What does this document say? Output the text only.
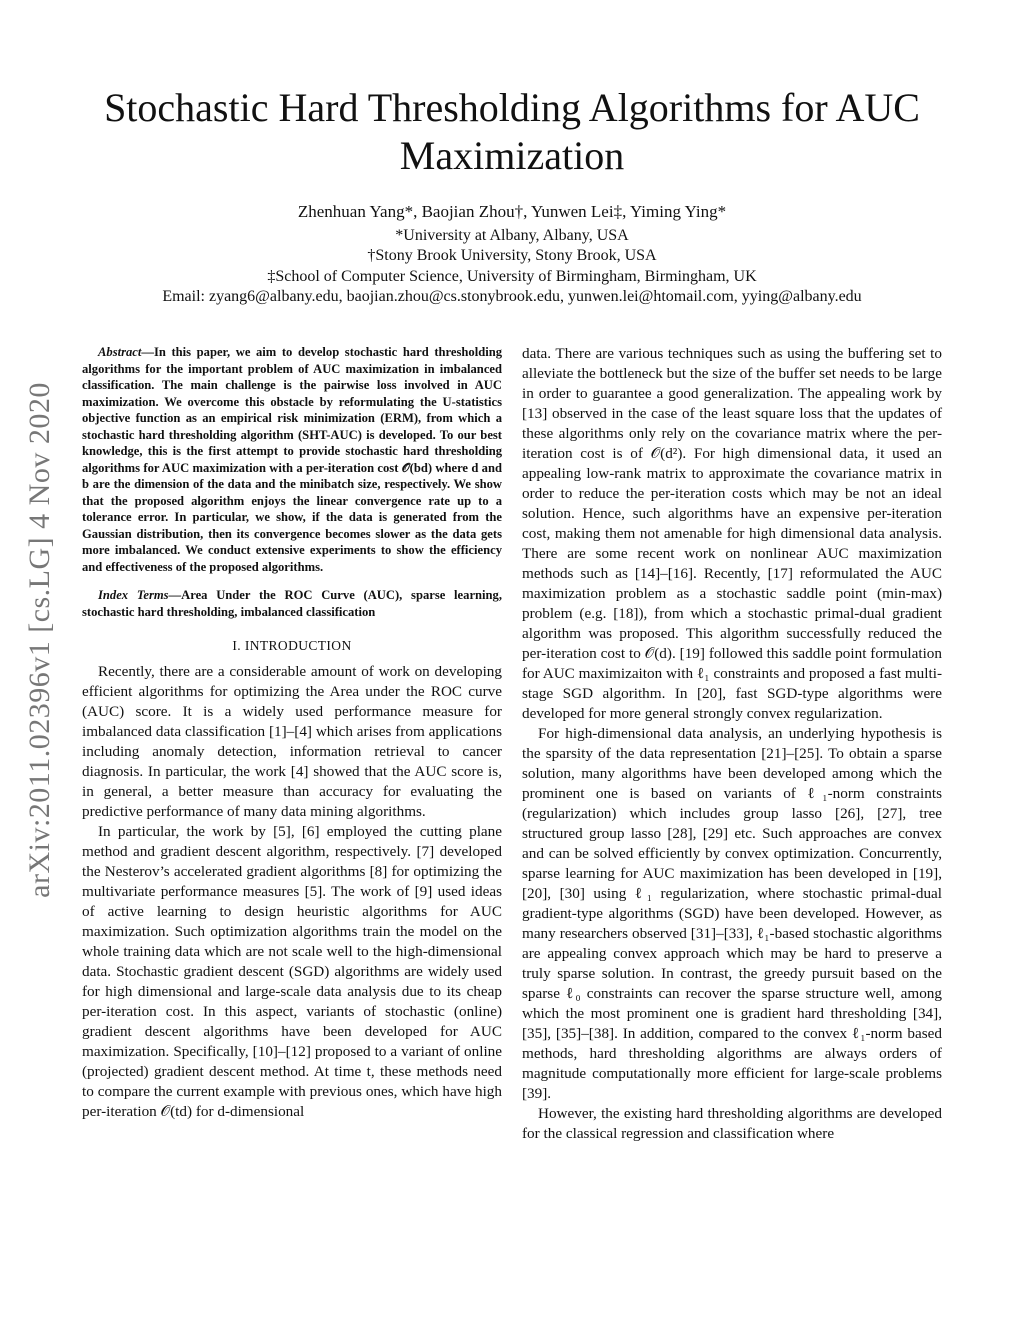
arXiv:2011.02396v1 [cs.LG] 4 Nov 2020
Stochastic Hard Thresholding Algorithms for AUC Maximization
Zhenhuan Yang*, Baojian Zhou†, Yunwen Lei‡, Yiming Ying*
*University at Albany, Albany, USA
†Stony Brook University, Stony Brook, USA
‡School of Computer Science, University of Birmingham, Birmingham, UK
Email: zyang6@albany.edu, baojian.zhou@cs.stonybrook.edu, yunwen.lei@htomail.com, yying@albany.edu

Abstract—In this paper, we aim to develop stochastic hard thresholding algorithms for the important problem of AUC maximization in imbalanced classification. The main challenge is the pairwise loss involved in AUC maximization. We overcome this obstacle by reformulating the U-statistics objective function as an empirical risk minimization (ERM), from which a stochastic hard thresholding algorithm (SHT-AUC) is developed. To our best knowledge, this is the first attempt to provide stochastic hard thresholding algorithms for AUC maximization with a per-iteration cost 𝒪(bd) where d and b are the dimension of the data and the minibatch size, respectively. We show that the proposed algorithm enjoys the linear convergence rate up to a tolerance error. In particular, we show, if the data is generated from the Gaussian distribution, then its convergence becomes slower as the data gets more imbalanced. We conduct extensive experiments to show the efficiency and effectiveness of the proposed algorithms.

Index Terms—Area Under the ROC Curve (AUC), sparse learning, stochastic hard thresholding, imbalanced classification

I. INTRODUCTION

Recently, there are a considerable amount of work on developing efficient algorithms for optimizing the Area under the ROC curve (AUC) score. It is a widely used performance measure for imbalanced data classification [1]–[4] which arises from applications including anomaly detection, information retrieval to cancer diagnosis. In particular, the work [4] showed that the AUC score is, in general, a better measure than accuracy for evaluating the predictive performance of many data mining algorithms.

In particular, the work by [5], [6] employed the cutting plane method and gradient descent algorithm, respectively. [7] developed the Nesterov’s accelerated gradient algorithms [8] for optimizing the multivariate performance measures [5]. The work of [9] used ideas of active learning to design heuristic algorithms for AUC maximization. Such optimization algorithms train the model on the whole training data which are not scale well to the high-dimensional data. Stochastic gradient descent (SGD) algorithms are widely used for high dimensional and large-scale data analysis due to its cheap per-iteration cost. In this aspect, variants of stochastic (online) gradient descent algorithms have been developed for AUC maximization. Specifically, [10]–[12] proposed to a variant of online (projected) gradient descent method. At time t, these methods need to compare the current example with previous ones, which have high per-iteration 𝒪(td) for d-dimensional

data. There are various techniques such as using the buffering set to alleviate the bottleneck but the size of the buffer set needs to be large in order to guarantee a good generalization. The appealing work by [13] observed in the case of the least square loss that the updates of these algorithms only rely on the covariance matrix where the per-iteration cost is of 𝒪(d²). For high dimensional data, it used an appealing low-rank matrix to approximate the covariance matrix in order to reduce the per-iteration costs which may be not an ideal solution. Hence, such algorithms have an expensive per-iteration cost, making them not amenable for high dimensional data analysis. There are some recent work on nonlinear AUC maximization methods such as [14]–[16]. Recently, [17] reformulated the AUC maximization problem as a stochastic saddle point (min-max) problem (e.g. [18]), from which a stochastic primal-dual gradient algorithm was proposed. This algorithm successfully reduced the per-iteration cost to 𝒪(d). [19] followed this saddle point formulation for AUC maximizaiton with ℓ₁ constraints and proposed a fast multi-stage SGD algorithm. In [20], fast SGD-type algorithms were developed for more general strongly convex regularization.

For high-dimensional data analysis, an underlying hypothesis is the sparsity of the data representation [21]–[25]. To obtain a sparse solution, many algorithms have been developed among which the prominent one is based on variants of ℓ₁-norm constraints (regularization) which includes group lasso [26], [27], tree structured group lasso [28], [29] etc. Such approaches are convex and can be solved efficiently by convex optimization. Concurrently, sparse learning for AUC maximization has been developed in [19], [20], [30] using ℓ₁ regularization, where stochastic primal-dual gradient-type algorithms (SGD) have been developed. However, as many researchers observed [31]–[33], ℓ₁-based stochastic algorithms are appealing convex approach which may be hard to preserve a truly sparse solution. In contrast, the greedy pursuit based on the sparse ℓ₀ constraints can recover the sparse structure well, among which the most prominent one is gradient hard thresholding [34], [35], [35]–[38]. In addition, compared to the convex ℓ₁-norm based methods, hard thresholding algorithms are always orders of magnitude computationally more efficient for large-scale problems [39].

However, the existing hard thresholding algorithms are developed for the classical regression and classification where
